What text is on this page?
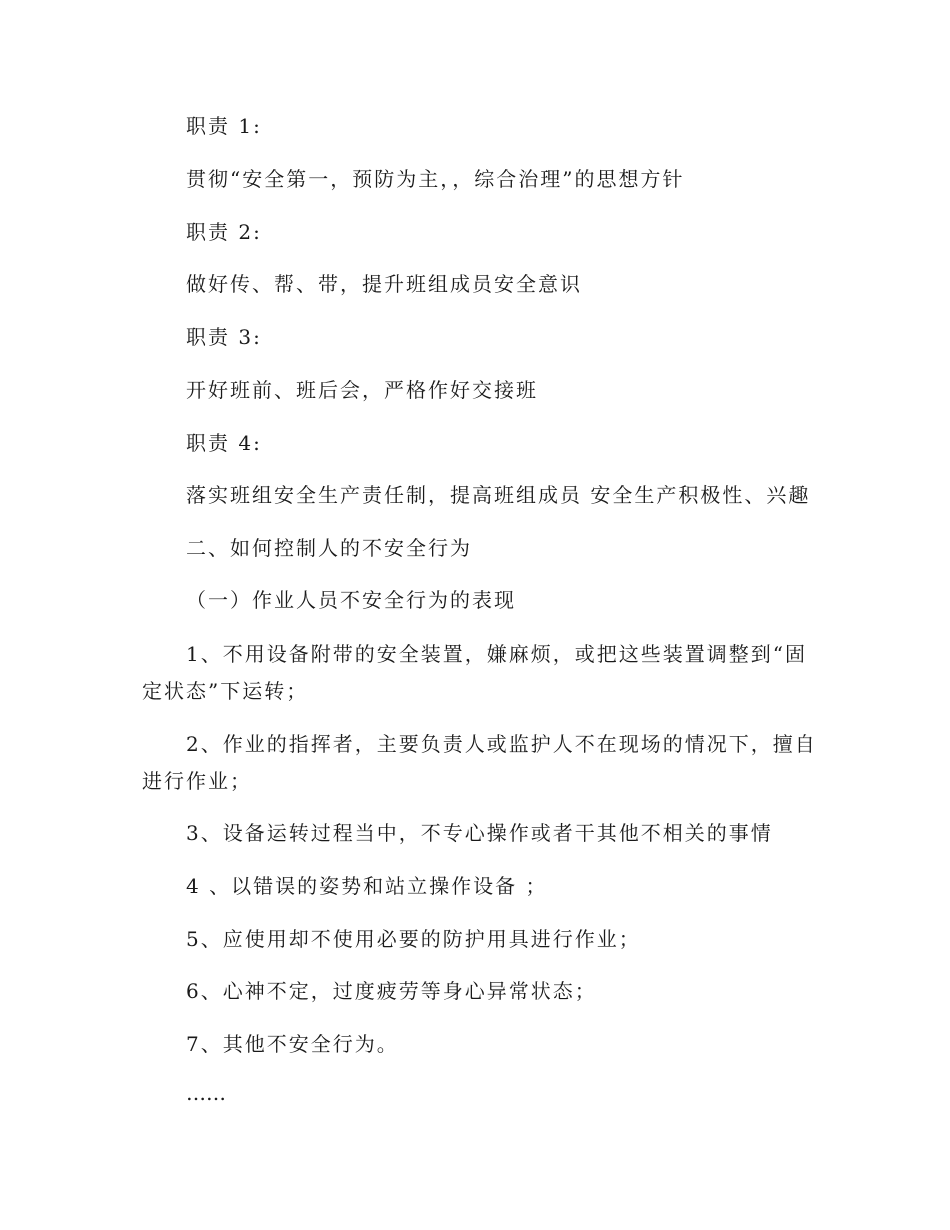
职责 1:
贯彻“安全第一，预防为主，，综合治理”的思想方针
职责 2:
做好传、帮、带，提升班组成员安全意识
职责 3:
开好班前、班后会，严格作好交接班
职责 4:
落实班组安全生产责任制，提高班组成员 安全生产积极性、兴趣
二、如何控制人的不安全行为
（一）作业人员不安全行为的表现
1、不用设备附带的安全装置，嫌麻烦，或把这些装置调整到“固
定状态”下运转；
2、作业的指挥者，主要负责人或监护人不在现场的情况下，擅自
进行作业；
3、设备运转过程当中，不专心操作或者干其他不相关的事情
4 、以错误的姿势和站立操作设备 ；
5、应使用却不使用必要的防护用具进行作业；
6、心神不定，过度疲劳等身心异常状态；
7、其他不安全行为。
……
